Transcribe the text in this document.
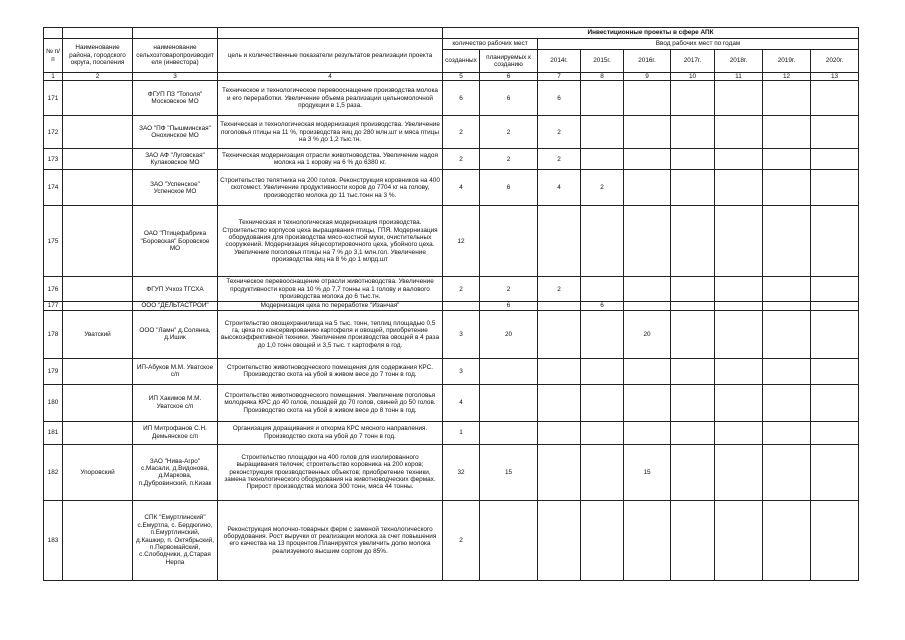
				Инвестиционные проекты в сфере АПК								
№ п/п	Наименование района, городского округа, поселения	наименование сельхозтоваропроизводителя (инвестора)	цель и количественные показатели результатов реализации проекта	количество рабочих мест		Ввод рабочих мест по годам						
				созданных	планируемых к созданию							
						2014г.	2015г.	2016г.	2017г.	2018г.	2019г.	2020г.
1	2	3	4	5	6	7	8	9	10	11	12	13
171		ФГУП ПЗ "Тополя" Московское МО	Техническое и технологическое перевооснащение производства молока и его переработки. Увеличение объема реализации цельномолочной продукции в 1,5 раза.	6	6	6						
172		ЗАО "ПФ "Пышминская" Онохинское МО	Техническая и технологическая модернизация производства. Увеличение поголовья птицы на 11 %, производства яиц до 280 млн.шт и мяса птицы на 3 % до 1,2 тыс.тн.	2	2	2						
173		ЗАО АФ "Луговская" Кулаковское МО	Техническая модернизация отрасли животноводства. Увеличение надоя молока на 1 корову на 6 % до 6380 кг.	2	2	2						
174		ЗАО "Успенское" Успенское МО	Строительство телятника на 200 голов. Реконструкция коровников на 400 скотомест. Увеличение продуктивности коров до 7704 кг на голову, производство молока до 11 тыс.тонн на 3 %.	4	6	4	2					
175		ОАО "Птицефабрика "Боровская" Боровское МО	Техническая и технологическая модернизация производства. Строительство корпусов цеха выращивания птицы, ГПЯ. Модернизация оборудования для производства мясо-костной муки, очистительных сооружений. Модернизация яйцесортировочного цеха, убойного цеха. Увеличение поголовья птицы на 7 % до 3,1 млн.гол. Увеличение производства яиц на 8 % до 1 млрд.шт	12								
176		ФГУП Учхоз ТГСХА	Техническое перевооснащение отрасли животноводства. Увеличение продуктивности коров на 10 % до 7,7 тонны на 1 голову и валового производства молока до 6 тыс.тн.	2	2	2						
177		ООО "ДЕЛЬТАСТРОЙ"	Модернизация цеха по переработке "Изанчая"		6		6					
178	Уватский	ООО "Ламн" д.Солянка, д.Ишик	Строительство овощехранилища на 5 тыс. тонн, теплиц площадью 0,5 га, цеха по консервированию картофеля и овощей, приобретение высокоэффективной техники. Увеличение производства овощей в 4 раза до 1,0 тонн овощей и 3,5 тыс. т картофеля в год.	3	20			20				
179		ИП-Абуков М.М. Уватское с/п	Строительство животноводческого помещения для содержания КРС. Производство скота на убой в живом весе до 7 тонн в год.	3								
180		ИП Хакимов М.М. Уватское с/п	Строительство животноводческого помещения. Увеличение поголовья молодняка КРС до 40 голов, лошадей до 70 голов, свиней до 50 голов. Производство скота на убой в живом весе до 8 тонн в год.	4								
181		ИП Митрофанов С.Н. Демьянское с/п	Организация доращивания и откорма КРС мясного направления. Производство скота на убой до 7 тонн в год.	1								
182	Упоровский	ЗАО "Нива-Агро" с.Масали, д.Видонова, д.Маркова, п.Дубровинский, п.Кизак	Строительство площадки на 400 голов для изолированного выращивания телочек; строительство коровника на 200 коров; реконструкция производственных объектов; приобретение техники, замена технологического оборудования на животноводческих фермах. Прирост производства молока 300 тонн, мяса 44 тонны.	32	15			15				
183		СПК "Емуртлинский" с.Емуртла, с. Бердюгино, п.Емуртлинский, д.Кашкир, п. Октябрьский, п.Первомайский, с.Слободчики, д.Старая Нерпа	Реконструкция молочно-товарных ферм с заменой технологического оборудования. Рост выручки от реализации молока за счет повышения его качества на 13 процентов.Планируется увеличить долю молока реализуемого высшим сортом до 85%.	2								
